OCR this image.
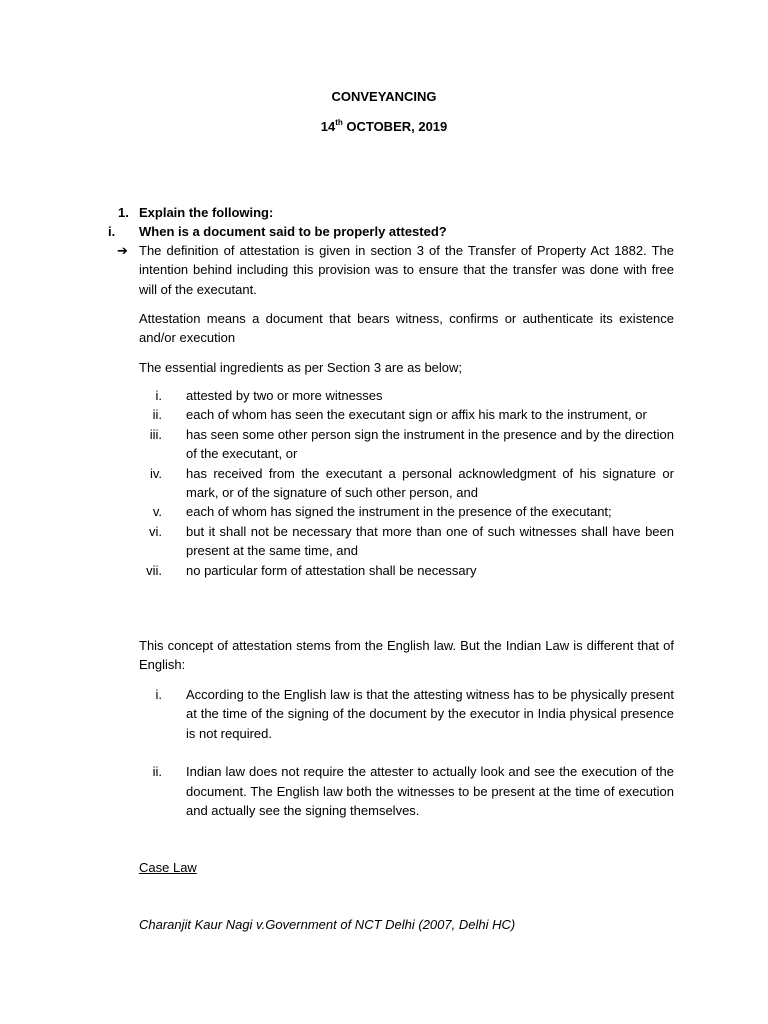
CONVEYANCING
14th OCTOBER, 2019
1. Explain the following:
i. When is a document said to be properly attested?
➔ The definition of attestation is given in section 3 of the Transfer of Property Act 1882. The intention behind including this provision was to ensure that the transfer was done with free will of the executant.
Attestation means a document that bears witness, confirms or authenticate its existence and/or execution
The essential ingredients as per Section 3 are as below;
i. attested by two or more witnesses
ii. each of whom has seen the executant sign or affix his mark to the instrument, or
iii. has seen some other person sign the instrument in the presence and by the direction of the executant, or
iv. has received from the executant a personal acknowledgment of his signature or mark, or of the signature of such other person, and
v. each of whom has signed the instrument in the presence of the executant;
vi. but it shall not be necessary that more than one of such witnesses shall have been present at the same time, and
vii. no particular form of attestation shall be necessary
This concept of attestation stems from the English law. But the Indian Law is different that of English:
i. According to the English law is that the attesting witness has to be physically present at the time of the signing of the document by the executor in India physical presence is not required.
ii. Indian law does not require the attester to actually look and see the execution of the document. The English law both the witnesses to be present at the time of execution and actually see the signing themselves.
Case Law
Charanjit Kaur Nagi v.Government of NCT Delhi (2007, Delhi HC)
